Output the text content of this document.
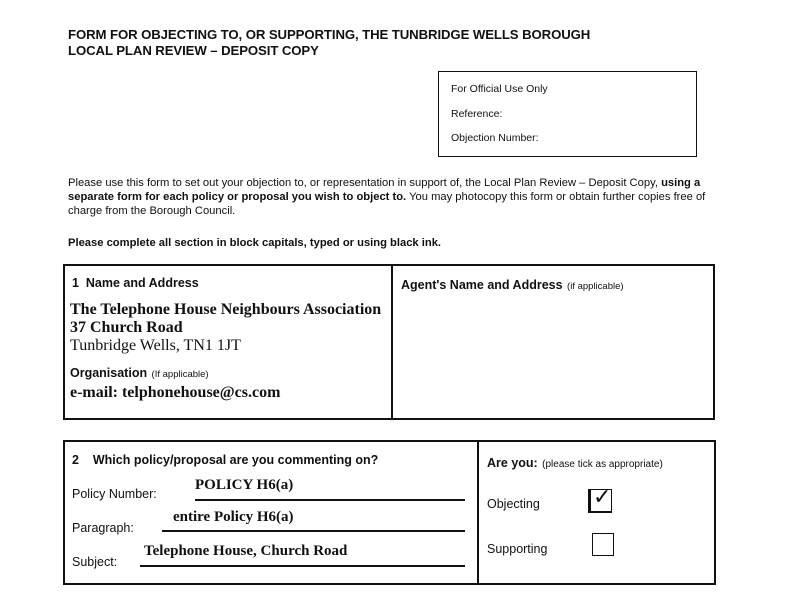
FORM FOR OBJECTING TO, OR SUPPORTING, THE TUNBRIDGE WELLS BOROUGH
LOCAL PLAN REVIEW – DEPOSIT COPY
For Official Use Only
Reference:
Objection Number:
Please use this form to set out your objection to, or representation in support of, the Local Plan Review – Deposit Copy, using a separate form for each policy or proposal you wish to object to. You may photocopy this form or obtain further copies free of charge from the Borough Council.
Please complete all section in block capitals, typed or using black ink.
1 Name and Address
The Telephone House Neighbours Association
37 Church Road
Tunbridge Wells, TN1 1JT
Organisation (If applicable)
e-mail: telphonehouse@cs.com
Agent's Name and Address (if applicable)
2 Which policy/proposal are you commenting on?
Policy Number:
POLICY H6(a)
Paragraph:
entire Policy H6(a)
Subject:
Telephone House, Church Road
Are you: (please tick as appropriate)
Objecting ✓
Supporting
